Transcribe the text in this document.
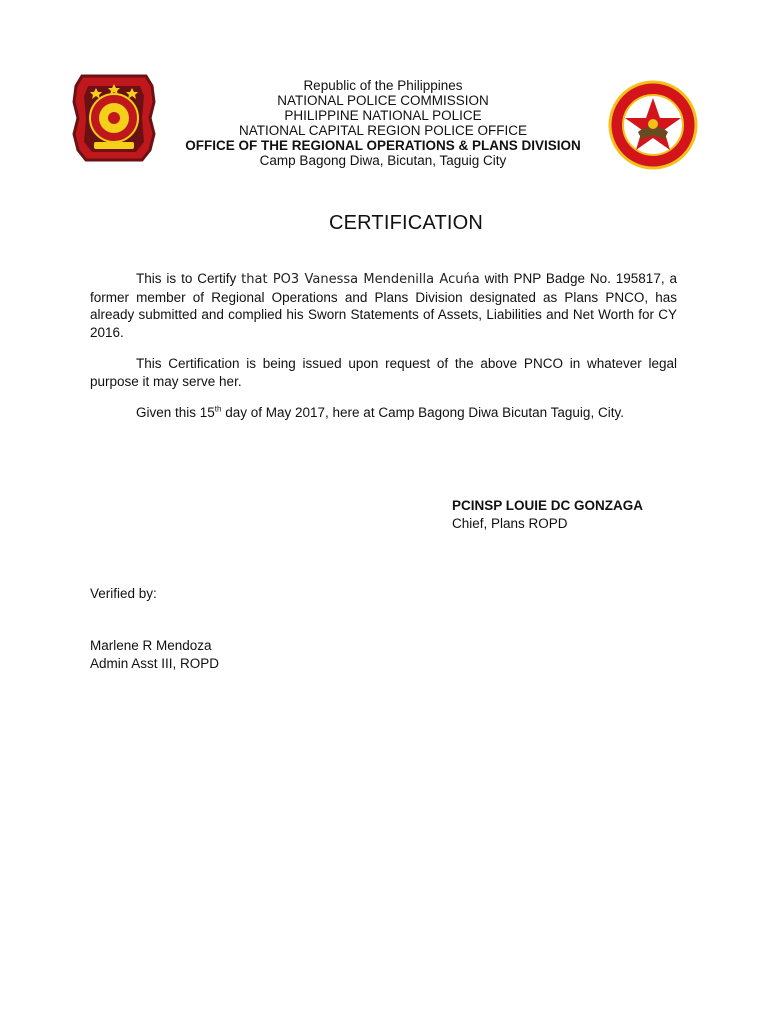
Republic of the Philippines
NATIONAL POLICE COMMISSION
PHILIPPINE NATIONAL POLICE
NATIONAL CAPITAL REGION POLICE OFFICE
OFFICE OF THE REGIONAL OPERATIONS & PLANS DIVISION
Camp Bagong Diwa, Bicutan, Taguig City
CERTIFICATION

This is to Certify that PO3 Vanessa Mendenilla Acuńa with PNP Badge No. 195817, a former member of Regional Operations and Plans Division designated as Plans PNCO, has already submitted and complied his Sworn Statements of Assets, Liabilities and Net Worth for CY 2016.

This Certification is being issued upon request of the above PNCO in whatever legal purpose it may serve her.

Given this 15th day of May 2017, here at Camp Bagong Diwa Bicutan Taguig, City.

PCINSP LOUIE DC GONZAGA
Chief, Plans ROPD
Verified by:
Marlene R Mendoza
Admin Asst III, ROPD
